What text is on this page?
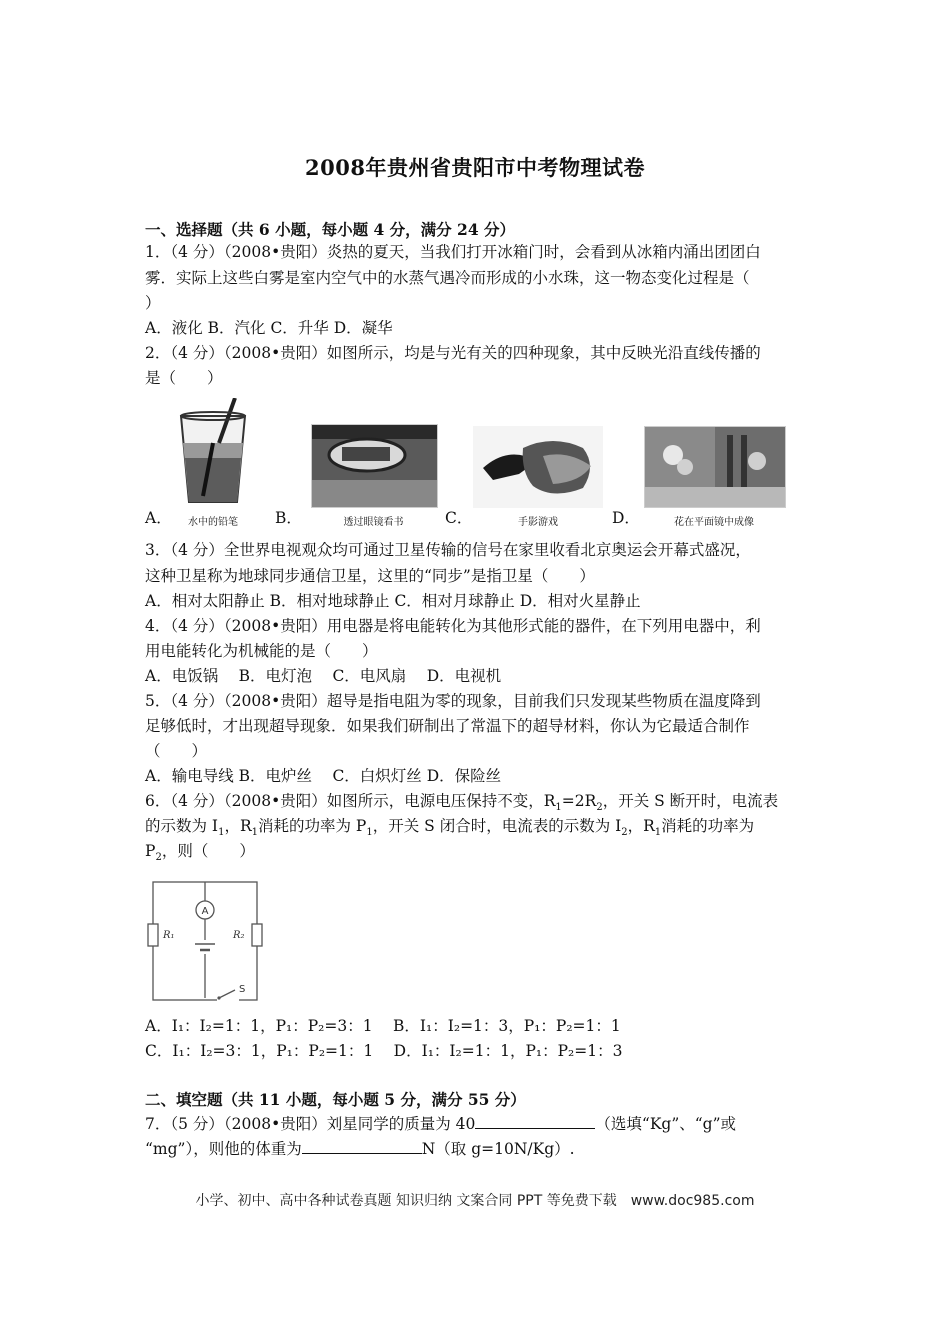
2008年贵州省贵阳市中考物理试卷
一、选择题（共 6 小题，每小题 4 分，满分 24 分）
1．（4 分）（2008•贵阳）炎热的夏天，当我们打开冰箱门时，会看到从冰箱内涌出团团白
雾．实际上这些白雾是室内空气中的水蒸气遇冷而形成的小水珠，这一物态变化过程是（
）
A．液化 B．汽化 C．升华 D．凝华
2．（4 分）（2008•贵阳）如图所示，均是与光有关的四种现象，其中反映光沿直线传播的
是（　　）
A．	水中的铅笔	B．	透过眼镜看书	C．	手影游戏	D．	花在平面镜中成像
3．（4 分）全世界电视观众均可通过卫星传输的信号在家里收看北京奥运会开幕式盛况，
这种卫星称为地球同步通信卫星，这里的“同步”是指卫星（　　）
A．相对太阳静止 B．相对地球静止 C．相对月球静止 D．相对火星静止
4．（4 分）（2008•贵阳）用电器是将电能转化为其他形式能的器件，在下列用电器中，利
用电能转化为机械能的是（　　）
A．电饭锅　 B．电灯泡　 C．电风扇　 D．电视机
5．（4 分）（2008•贵阳）超导是指电阻为零的现象，目前我们只发现某些物质在温度降到
足够低时，才出现超导现象．如果我们研制出了常温下的超导材料，你认为它最适合制作
（　　）
A．输电导线 B．电炉丝　 C．白炽灯丝 D．保险丝
6．（4 分）（2008•贵阳）如图所示，电源电压保持不变，$R_1=2R_2$，开关 S 断开时，电流表
的示数为 $I_1$，$R_1$消耗的功率为 $P_1$，开关 S 闭合时，电流表的示数为 $I_2$，$R_1$消耗的功率为
$P_2$，则（　　）
A
R₁	R₂
S
A．I₁：I₂=1：1，P₁：P₂=3：1　 B．I₁：I₂=1：3，P₁：P₂=1：1
C．I₁：I₂=3：1，P₁：P₂=1：1　 D．I₁：I₂=1：1，P₁：P₂=1：3
二、填空题（共 11 小题，每小题 5 分，满分 55 分）
7．（5 分）（2008•贵阳）刘星同学的质量为 40	（选填“Kg”、“g”或
“mg”），则他的体重为	N（取 g=10N/Kg）.
小学、初中、高中各种试卷真题 知识归纳 文案合同 PPT 等免费下载　www.doc985.com
